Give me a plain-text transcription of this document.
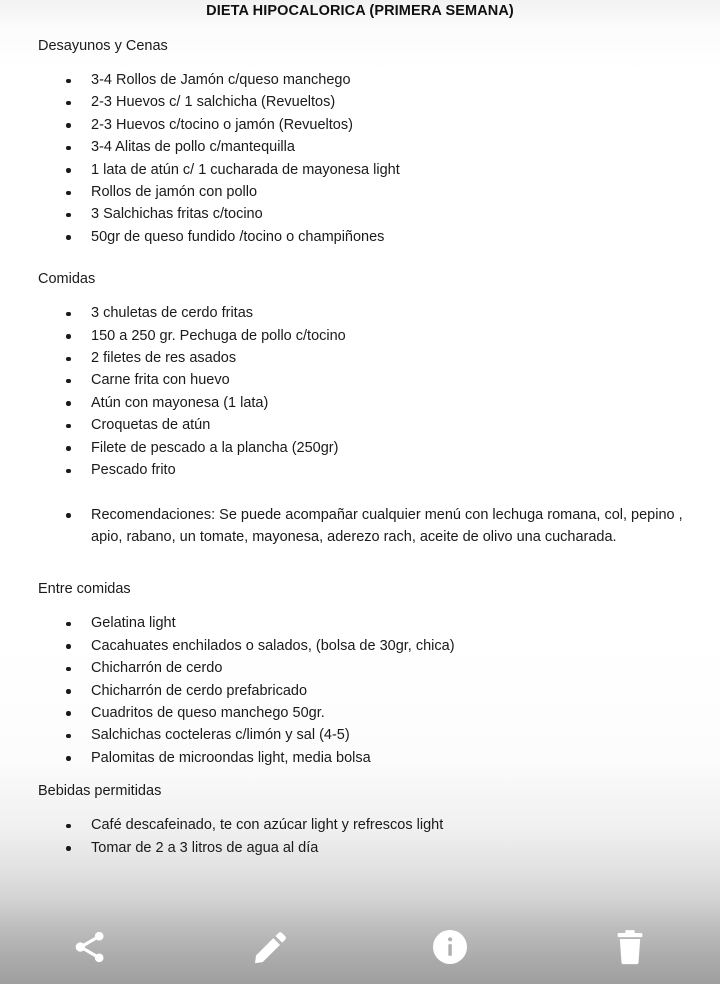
DIETA HIPOCALORICA (PRIMERA SEMANA)
Desayunos y Cenas
3-4 Rollos de Jamón c/queso manchego
2-3 Huevos c/ 1 salchicha (Revueltos)
2-3 Huevos c/tocino o jamón (Revueltos)
3-4 Alitas de pollo c/mantequilla
1 lata de atún c/ 1 cucharada de mayonesa light
Rollos de jamón con pollo
3 Salchichas fritas c/tocino
50gr de queso fundido /tocino o champiñones
Comidas
3 chuletas de cerdo fritas
150 a 250 gr. Pechuga de pollo c/tocino
2 filetes de res asados
Carne frita con huevo
Atún con mayonesa (1 lata)
Croquetas de atún
Filete de pescado a la plancha (250gr)
Pescado frito
Recomendaciones: Se puede acompañar cualquier menú con lechuga romana, col, pepino , apio, rabano, un tomate, mayonesa, aderezo rach, aceite de olivo una cucharada.
Entre comidas
Gelatina light
Cacahuates enchilados o salados, (bolsa de 30gr, chica)
Chicharrón de cerdo
Chicharrón de cerdo prefabricado
Cuadritos de queso manchego 50gr.
Salchichas cocteleras c/limón y sal (4-5)
Palomitas de microondas light, media bolsa
Bebidas permitidas
Café descafeinado, te con azúcar light y refrescos light
Tomar de 2 a 3 litros de agua al día
